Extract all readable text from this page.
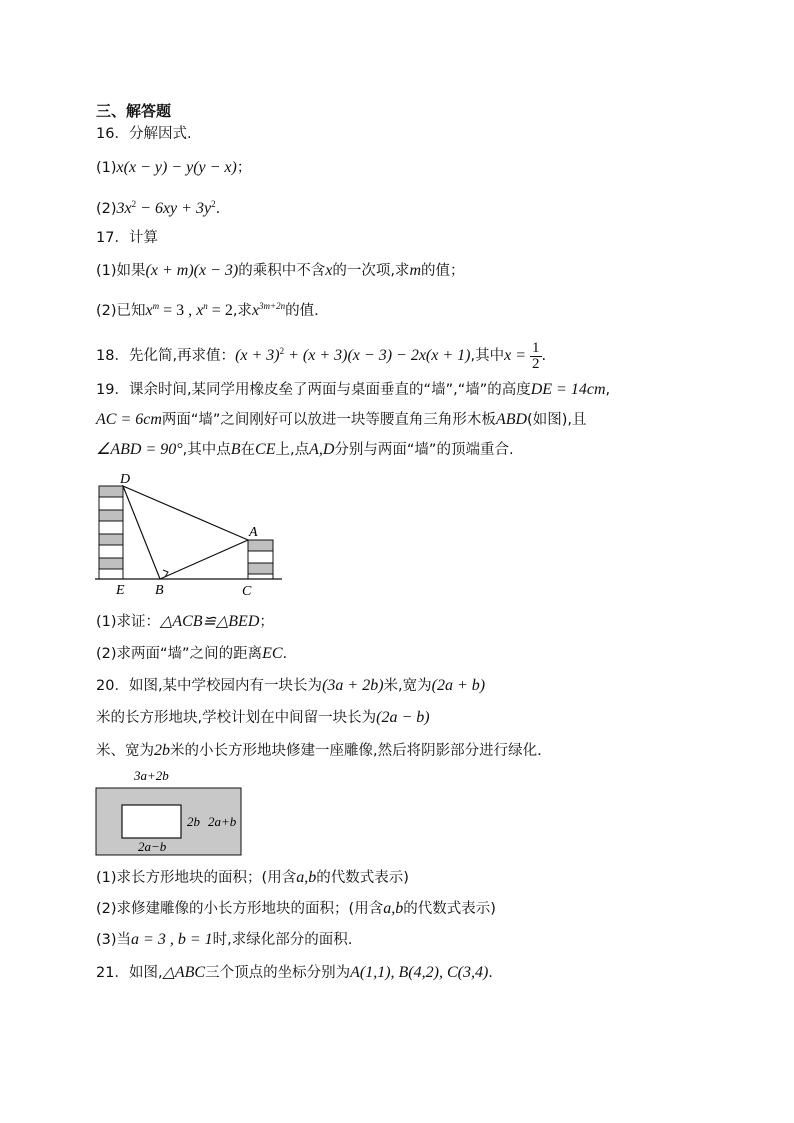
三、解答题
16．分解因式.
(1)x(x − y) − y(y − x)；
$(2)3x^2 - 6xy + 3y^2$.
17．计算
(1)如果(x + m)(x − 3)的乘积中不含x的一次项,求m的值；
(2)已知$x^m = 3$ , $x^n = 2$,求$x^{3m+2n}$的值.
18．先化简,再求值：$(x + 3)^2 + (x + 3)(x - 3) - 2x(x + 1)$,其中$x = \frac{1}{2}$ .
19．课余时间,某同学用橡皮垒了两面与桌面垂直的“墙”,“墙”的高度DE = 14cm,
AC = 6cm两面“墙”之间刚好可以放进一块等腰直角三角形木板ABD(如图),且
∠ABD = 90°,其中点B在CE上,点A,D分别与两面“墙”的顶端重合.
D
A
E B	C
(1)求证：△ACB≌△BED；
(2)求两面“墙”之间的距离EC.
20．如图,某中学校园内有一块长为(3a + 2b)米,宽为(2a + b)
米的长方形地块,学校计划在中间留一块长为(2a − b)
米、宽为2b米的小长方形地块修建一座雕像,然后将阴影部分进行绿化.
3a+2b
2b 2a+b
2a−b
(1)求长方形地块的面积；(用含a,b的代数式表示)
(2)求修建雕像的小长方形地块的面积；(用含a,b的代数式表示)
(3)当a = 3 , b = 1时,求绿化部分的面积.
21．如图,△ABC三个顶点的坐标分别为A(1,1), B(4,2), C(3,4).
